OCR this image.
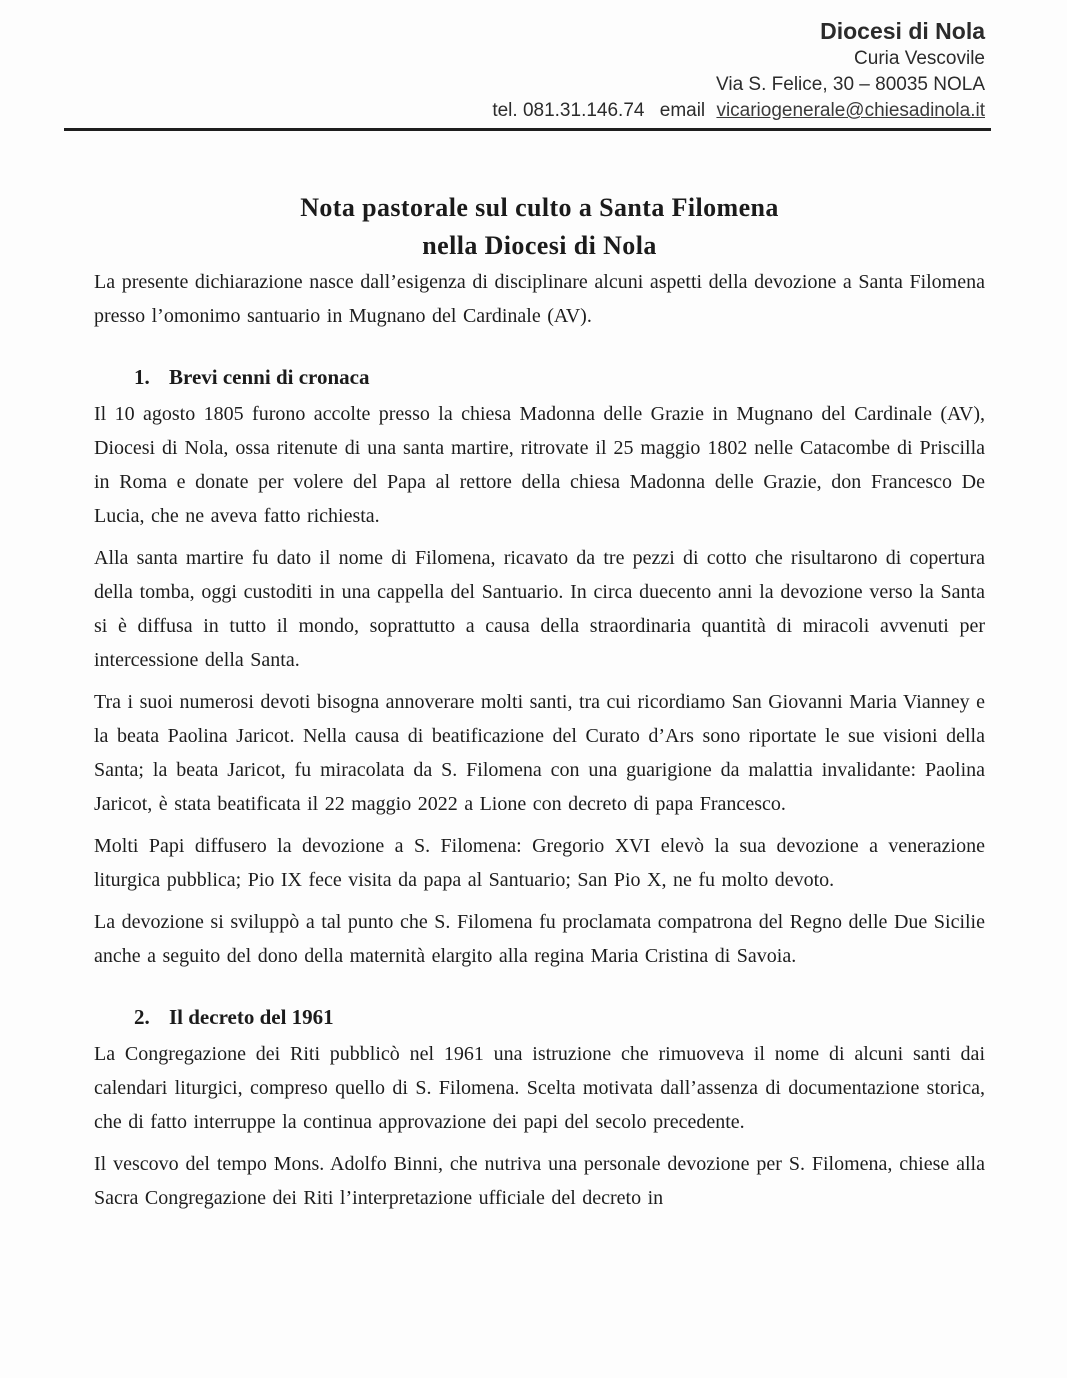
Diocesi di Nola
Curia Vescovile
Via S. Felice, 30 – 80035 NOLA
tel. 081.31.146.74 email vicariogenerale@chiesadinola.it
Nota pastorale sul culto a Santa Filomena
nella Diocesi di Nola

La presente dichiarazione nasce dall’esigenza di disciplinare alcuni aspetti della devozione a Santa Filomena presso l’omonimo santuario in Mugnano del Cardinale (AV).

1. Brevi cenni di cronaca

Il 10 agosto 1805 furono accolte presso la chiesa Madonna delle Grazie in Mugnano del Cardinale (AV), Diocesi di Nola, ossa ritenute di una santa martire, ritrovate il 25 maggio 1802 nelle Catacombe di Priscilla in Roma e donate per volere del Papa al rettore della chiesa Madonna delle Grazie, don Francesco De Lucia, che ne aveva fatto richiesta.

Alla santa martire fu dato il nome di Filomena, ricavato da tre pezzi di cotto che risultarono di copertura della tomba, oggi custoditi in una cappella del Santuario. In circa duecento anni la devozione verso la Santa si è diffusa in tutto il mondo, soprattutto a causa della straordinaria quantità di miracoli avvenuti per intercessione della Santa.

Tra i suoi numerosi devoti bisogna annoverare molti santi, tra cui ricordiamo San Giovanni Maria Vianney e la beata Paolina Jaricot. Nella causa di beatificazione del Curato d’Ars sono riportate le sue visioni della Santa; la beata Jaricot, fu miracolata da S. Filomena con una guarigione da malattia invalidante: Paolina Jaricot, è stata beatificata il 22 maggio 2022 a Lione con decreto di papa Francesco.

Molti Papi diffusero la devozione a S. Filomena: Gregorio XVI elevò la sua devozione a venerazione liturgica pubblica; Pio IX fece visita da papa al Santuario; San Pio X, ne fu molto devoto.

La devozione si sviluppò a tal punto che S. Filomena fu proclamata compatrona del Regno delle Due Sicilie anche a seguito del dono della maternità elargito alla regina Maria Cristina di Savoia.

2. Il decreto del 1961

La Congregazione dei Riti pubblicò nel 1961 una istruzione che rimuoveva il nome di alcuni santi dai calendari liturgici, compreso quello di S. Filomena. Scelta motivata dall’assenza di documentazione storica, che di fatto interruppe la continua approvazione dei papi del secolo precedente.

Il vescovo del tempo Mons. Adolfo Binni, che nutriva una personale devozione per S. Filomena, chiese alla Sacra Congregazione dei Riti l’interpretazione ufficiale del decreto in
